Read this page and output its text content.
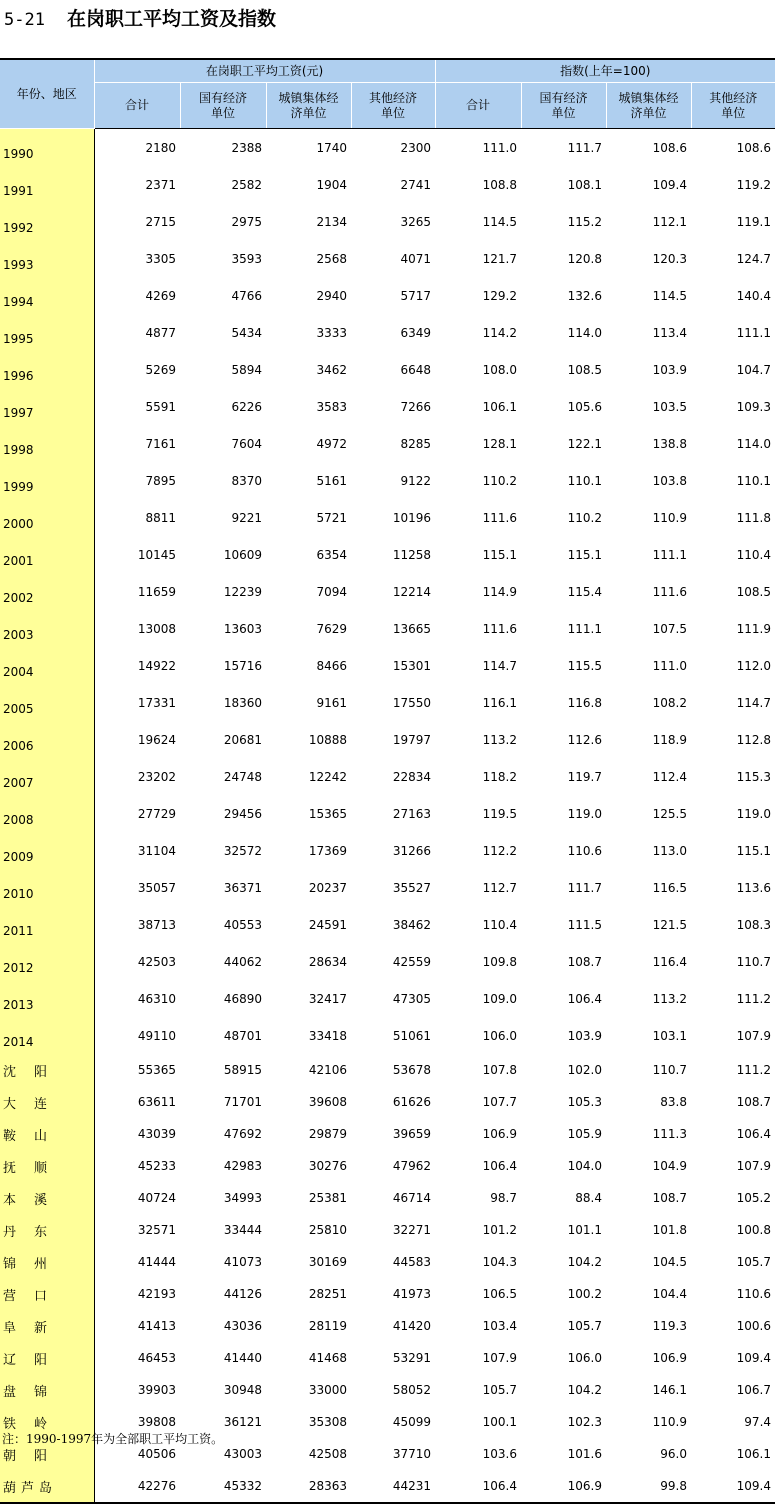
5-21 在岗职工平均工资及指数
年份、地区	在岗职工平均工资(元)				指数(上年=100)			
	合计	国有经济单位	城镇集体经济单位	其他经济单位	合计	国有经济单位	城镇集体经济单位	其他经济单位
1990	2180	2388	1740	2300	111.0	111.7	108.6	108.6
1991	2371	2582	1904	2741	108.8	108.1	109.4	119.2
1992	2715	2975	2134	3265	114.5	115.2	112.1	119.1
1993	3305	3593	2568	4071	121.7	120.8	120.3	124.7
1994	4269	4766	2940	5717	129.2	132.6	114.5	140.4
1995	4877	5434	3333	6349	114.2	114.0	113.4	111.1
1996	5269	5894	3462	6648	108.0	108.5	103.9	104.7
1997	5591	6226	3583	7266	106.1	105.6	103.5	109.3
1998	7161	7604	4972	8285	128.1	122.1	138.8	114.0
1999	7895	8370	5161	9122	110.2	110.1	103.8	110.1
2000	8811	9221	5721	10196	111.6	110.2	110.9	111.8
2001	10145	10609	6354	11258	115.1	115.1	111.1	110.4
2002	11659	12239	7094	12214	114.9	115.4	111.6	108.5
2003	13008	13603	7629	13665	111.6	111.1	107.5	111.9
2004	14922	15716	8466	15301	114.7	115.5	111.0	112.0
2005	17331	18360	9161	17550	116.1	116.8	108.2	114.7
2006	19624	20681	10888	19797	113.2	112.6	118.9	112.8
2007	23202	24748	12242	22834	118.2	119.7	112.4	115.3
2008	27729	29456	15365	27163	119.5	119.0	125.5	119.0
2009	31104	32572	17369	31266	112.2	110.6	113.0	115.1
2010	35057	36371	20237	35527	112.7	111.7	116.5	113.6
2011	38713	40553	24591	38462	110.4	111.5	121.5	108.3
2012	42503	44062	28634	42559	109.8	108.7	116.4	110.7
2013	46310	46890	32417	47305	109.0	106.4	113.2	111.2
2014	49110	48701	33418	51061	106.0	103.9	103.1	107.9
沈阳	55365	58915	42106	53678	107.8	102.0	110.7	111.2
大连	63611	71701	39608	61626	107.7	105.3	83.8	108.7
鞍山	43039	47692	29879	39659	106.9	105.9	111.3	106.4
抚顺	45233	42983	30276	47962	106.4	104.0	104.9	107.9
本溪	40724	34993	25381	46714	98.7	88.4	108.7	105.2
丹东	32571	33444	25810	32271	101.2	101.1	101.8	100.8
锦州	41444	41073	30169	44583	104.3	104.2	104.5	105.7
营口	42193	44126	28251	41973	106.5	100.2	104.4	110.6
阜新	41413	43036	28119	41420	103.4	105.7	119.3	100.6
辽阳	46453	41440	41468	53291	107.9	106.0	106.9	109.4
盘锦	39903	30948	33000	58052	105.7	104.2	146.1	106.7
铁岭	39808	36121	35308	45099	100.1	102.3	110.9	97.4
朝阳	40506	43003	42508	37710	103.6	101.6	96.0	106.1
葫芦岛	42276	45332	28363	44231	106.4	106.9	99.8	109.4
注：1990-1997年为全部职工平均工资。
